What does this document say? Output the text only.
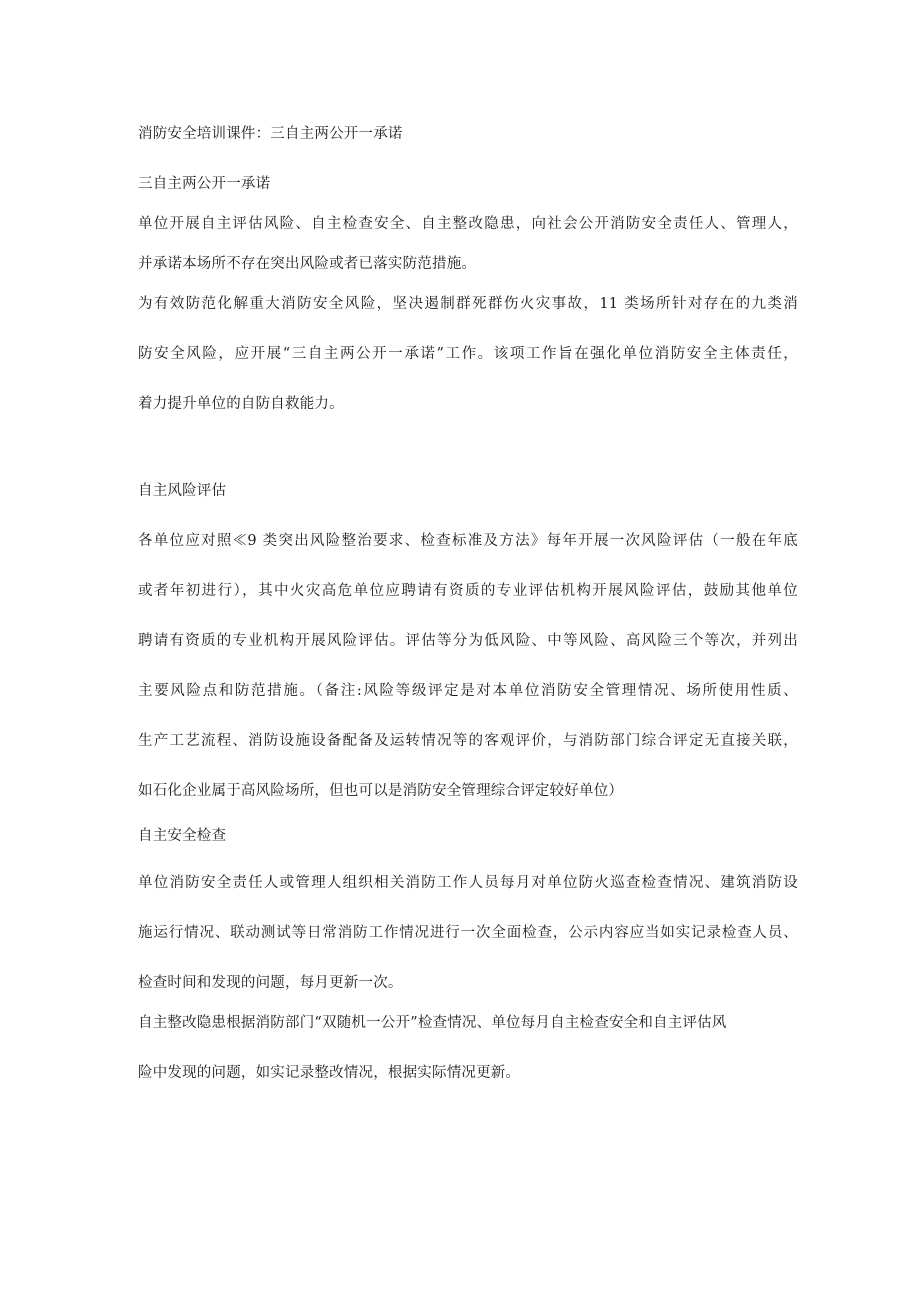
消防安全培训课件：三自主两公开一承诺
三自主两公开一承诺
单位开展自主评估风险、自主检查安全、自主整改隐患，向社会公开消防安全责任人、管理人，
并承诺本场所不存在突出风险或者已落实防范措施。
为有效防范化解重大消防安全风险，坚决遏制群死群伤火灾事故，11 类场所针对存在的九类消
防安全风险，应开展“三自主两公开一承诺”工作。该项工作旨在强化单位消防安全主体责任，
着力提升单位的自防自救能力。
自主风险评估
各单位应对照≪9 类突出风险整治要求、检查标准及方法》每年开展一次风险评估（一般在年底
或者年初进行），其中火灾高危单位应聘请有资质的专业评估机构开展风险评估，鼓励其他单位
聘请有资质的专业机构开展风险评估。评估等分为低风险、中等风险、高风险三个等次，并列出
主要风险点和防范措施。（备注:风险等级评定是对本单位消防安全管理情况、场所使用性质、
生产工艺流程、消防设施设备配备及运转情况等的客观评价，与消防部门综合评定无直接关联，
如石化企业属于高风险场所，但也可以是消防安全管理综合评定较好单位）
自主安全检查
单位消防安全责任人或管理人组织相关消防工作人员每月对单位防火巡查检查情况、建筑消防设
施运行情况、联动测试等日常消防工作情况进行一次全面检查，公示内容应当如实记录检查人员、
检查时间和发现的问题，每月更新一次。
自主整改隐患根据消防部门“双随机一公开”检查情况、单位每月自主检查安全和自主评估风
险中发现的问题，如实记录整改情况，根据实际情况更新。
